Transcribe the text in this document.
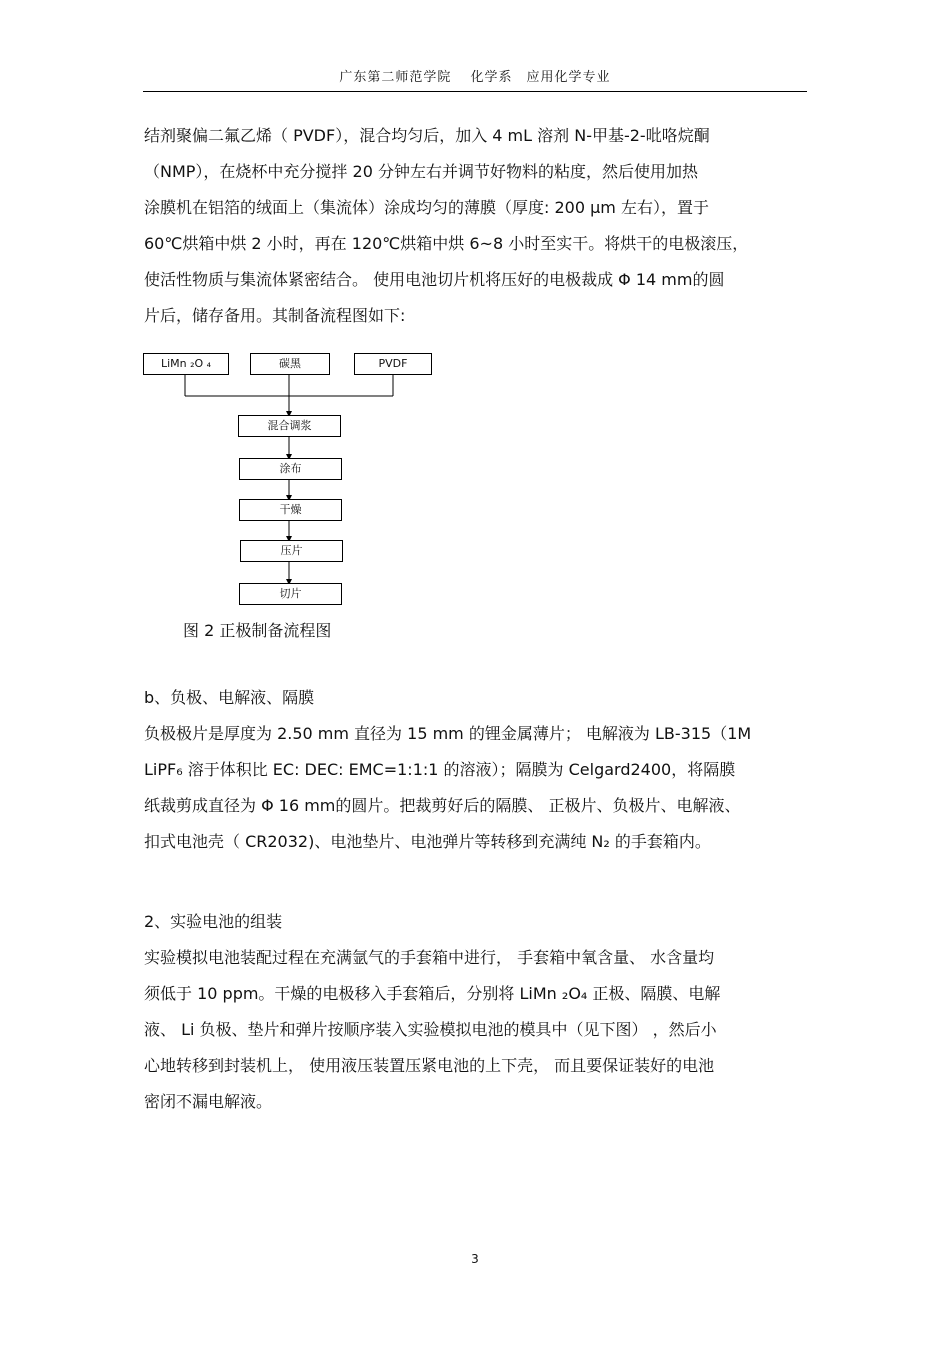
广东第二师范学院　 化学系　应用化学专业
结剂聚偏二氟乙烯（ PVDF），混合均匀后，加入 4 mL 溶剂 N-甲基-2-吡咯烷酮
（NMP），在烧杯中充分搅拌 20 分钟左右并调节好物料的粘度，然后使用加热
涂膜机在铝箔的绒面上（集流体）涂成均匀的薄膜（厚度: 200 μm 左右），置于
60℃烘箱中烘 2 小时，再在 120℃烘箱中烘 6~8 小时至实干。将烘干的电极滚压，
使活性物质与集流体紧密结合。 使用电池切片机将压好的电极裁成 Φ 14 mm的圆
片后，储存备用。其制备流程图如下:
LiMn ₂O ₄	碳黑	PVDF
混合调浆
涂布
干燥
压片
切片
图 2 正极制备流程图
b、负极、电解液、隔膜
负极极片是厚度为 2.50 mm 直径为 15 mm 的锂金属薄片； 电解液为 LB-315（1M
LiPF₆ 溶于体积比 EC: DEC: EMC=1:1:1 的溶液）；隔膜为 Celgard2400，将隔膜
纸裁剪成直径为 Φ 16 mm的圆片。把裁剪好后的隔膜、 正极片、负极片、电解液、
扣式电池壳（ CR2032)、电池垫片、电池弹片等转移到充满纯 N₂ 的手套箱内。
2、实验电池的组装
实验模拟电池装配过程在充满氩气的手套箱中进行， 手套箱中氧含量、 水含量均
须低于 10 ppm。干燥的电极移入手套箱后，分别将 LiMn ₂O₄ 正极、隔膜、电解
液、 Li 负极、垫片和弹片按顺序装入实验模拟电池的模具中（见下图） ，然后小
心地转移到封装机上， 使用液压装置压紧电池的上下壳， 而且要保证装好的电池
密闭不漏电解液。
3
